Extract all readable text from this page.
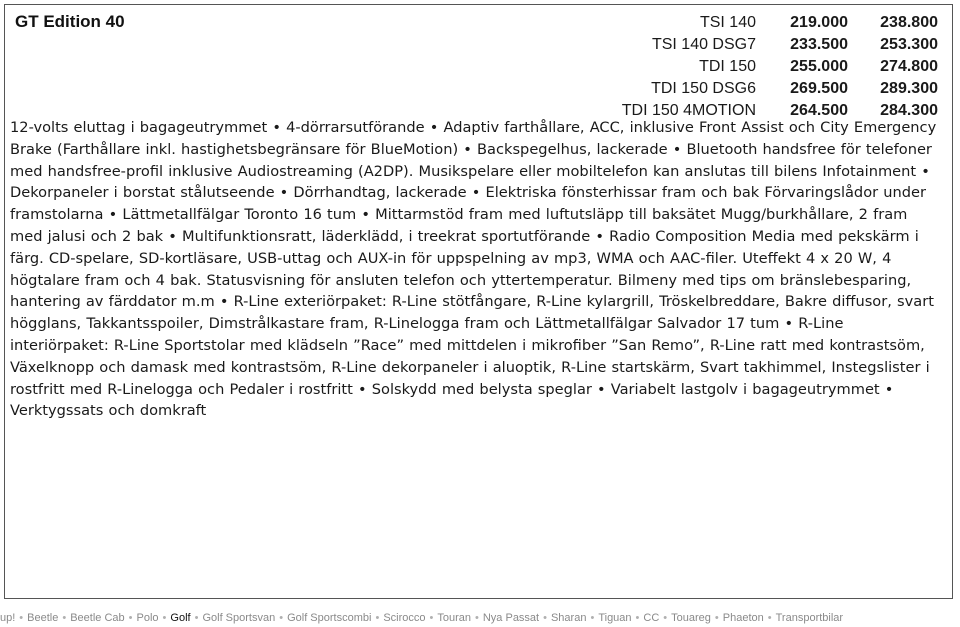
GT Edition 40	TSI 140	219.000	238.800
TSI 140 DSG7	233.500	253.300
TDI 150	255.000	274.800
TDI 150 DSG6	269.500	289.300
TDI 150 4MOTION	264.500	284.300

12-volts eluttag i bagageutrymmet • 4-dörrarsutförande • Adaptiv farthållare, ACC, inklusive Front Assist och City Emergency Brake (Farthållare inkl. hastighetsbegränsare för BlueMotion) • Backspegelhus, lackerade • Bluetooth handsfree för telefoner med handsfree-profil inklusive Audiostreaming (A2DP). Musikspelare eller mobiltelefon kan anslutas till bilens Infotainment • Dekorpaneler i borstat stålutseende • Dörrhandtag, lackerade • Elektriska fönsterhissar fram och bak Förvaringslådor under framstolarna • Lättmetallfälgar Toronto 16 tum • Mittarmstöd fram med luftutsläpp till baksätet Mugg/burkhållare, 2 fram med jalusi och 2 bak • Multifunktionsratt, läderklädd, i treekrat sportutförande • Radio Composition Media med pekskärm i färg. CD-spelare, SD-kortläsare, USB-uttag och AUX-in för uppspelning av mp3, WMA och AAC-filer. Uteffekt 4 x 20 W, 4 högtalare fram och 4 bak. Statusvisning för ansluten telefon och yttertemperatur. Bilmeny med tips om bränslebesparing, hantering av färddator m.m • R-Line exteriörpaket: R-Line stötfångare, R-Line kylargrill, Tröskelbreddare, Bakre diffusor, svart högglans, Takkantsspoiler, Dimstrålkastare fram, R-Linelogga fram och Lättmetallfälgar Salvador 17 tum • R-Line interiörpaket: R-Line Sportstolar med klädseln ”Race” med mittdelen i mikrofiber ”San Remo”, R-Line ratt med kontrastsöm, Växelknopp och damask med kontrastsöm, R-Line dekorpaneler i aluoptik, R-Line startskärm, Svart takhimmel, Instegslister i rostfritt med R-Linelogga och Pedaler i rostfritt • Solskydd med belysta speglar • Variabelt lastgolv i bagageutrymmet • Verktygssats och domkraft

up! • Beetle • Beetle Cab • Polo • Golf • Golf Sportsvan • Golf Sportscombi • Scirocco • Touran • Nya Passat • Sharan • Tiguan • CC • Touareg • Phaeton • Transportbilar
